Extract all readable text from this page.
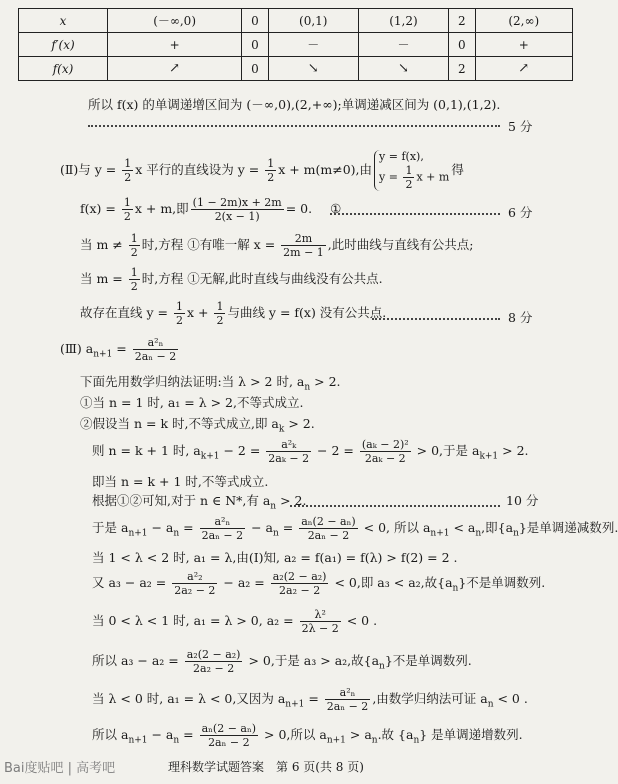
x	(－∞,0)	0	(0,1)	(1,2)	2	(2,∞)
f′(x)	+	0	－	－	0	+
f(x)	↗	0	↘	↘	2	↗
所以 f(x) 的单调递增区间为 (－∞,0),(2,+∞);单调递减区间为 (0,1),(1,2).
5 分
(Ⅱ)与 $y = \frac{1}{2}$ x 平行的直线设为 $y = \frac{1}{2}$ x + m(m≠0),由
y = f(x),
$y = \frac{1}{2}$ x + m 得
$f(x) = \frac{1}{2}$ x + m,即 $\frac{(1 - 2m)x + 2m}{2(x - 1)} = 0$. ①	6 分
当 $m \ne \frac{1}{2}$ 时,方程 ①有唯一解 $x = \frac{2m}{2m - 1}$ ,此时曲线与直线有公共点;
当 $m = \frac{1}{2}$ 时,方程 ①无解,此时直线与曲线没有公共点.
故存在直线 $y = \frac{1}{2}$ $x + \frac{1}{2}$ 与曲线 y = f(x) 没有公共点.	8 分
(Ⅲ) $a_{n+1} = \frac{\text{a²ₙ}}{\text{2aₙ − 2}}$
下面先用数学归纳法证明:当 λ > 2 时, $a_n > 2$.
①当 n = 1 时, a₁ = λ > 2,不等式成立.
②假设当 n = k 时,不等式成立,即 $a_k > 2$.
则 n = k + 1 时, $a_{k+1} - 2 = \frac{\text{a²ₖ}}{\text{2aₖ − 2}} - 2 = \frac{\text{(aₖ − 2)²}}{\text{2aₖ − 2}} > 0$,于是 $a_{k+1} > 2$.
即当 n = k + 1 时,不等式成立.
根据①②可知,对于 n ∈ N*,有 $a_n > 2$.	10 分
于是 $a_{n+1} - a_n = \frac{\text{a²ₙ}}{\text{2aₙ − 2}} - a_n = \frac{\text{aₙ(2 − aₙ)}}{\text{2aₙ − 2}} < 0$, 所以 $a_{n+1} < a_n$,即$\{a_n\}$是单调递减数列.
当 1 < λ < 2 时, a₁ = λ,由(Ⅰ)知, a₂ = f(a₁) = f(λ) > f(2) = 2 .
又 $a_3 - a_2 = \frac{\text{a²₂}}{\text{2a₂ − 2}} - a_2 = \frac{\text{a₂(2 − a₂)}}{\text{2a₂ − 2}} < 0$,即 a₃ < a₂,故$\{a_n\}$不是单调数列.
当 0 < λ < 1 时, a₁ = λ > 0, $a_2 = \frac{\text{λ²}}{2\lambda - 2} < 0$ .
所以 $a_3 - a_2 = \frac{\text{a₂(2 − a₂)}}{\text{2a₂ − 2}} > 0$,于是 a₃ > a₂,故$\{a_n\}$不是单调数列.
当 λ < 0 时, a₁ = λ < 0,又因为 $a_{n+1} = \frac{\text{a²ₙ}}{\text{2aₙ − 2}}$ ,由数学归纳法可证 $a_n < 0$ .
所以 $a_{n+1} - a_n = \frac{\text{aₙ(2 − aₙ)}}{\text{2aₙ − 2}} > 0$,所以 $a_{n+1} > a_n$.故 $\{a_n\}$ 是单调递增数列.
Bai度贴吧 | 高考吧	理科数学试题答案　第 6 页(共 8 页)
